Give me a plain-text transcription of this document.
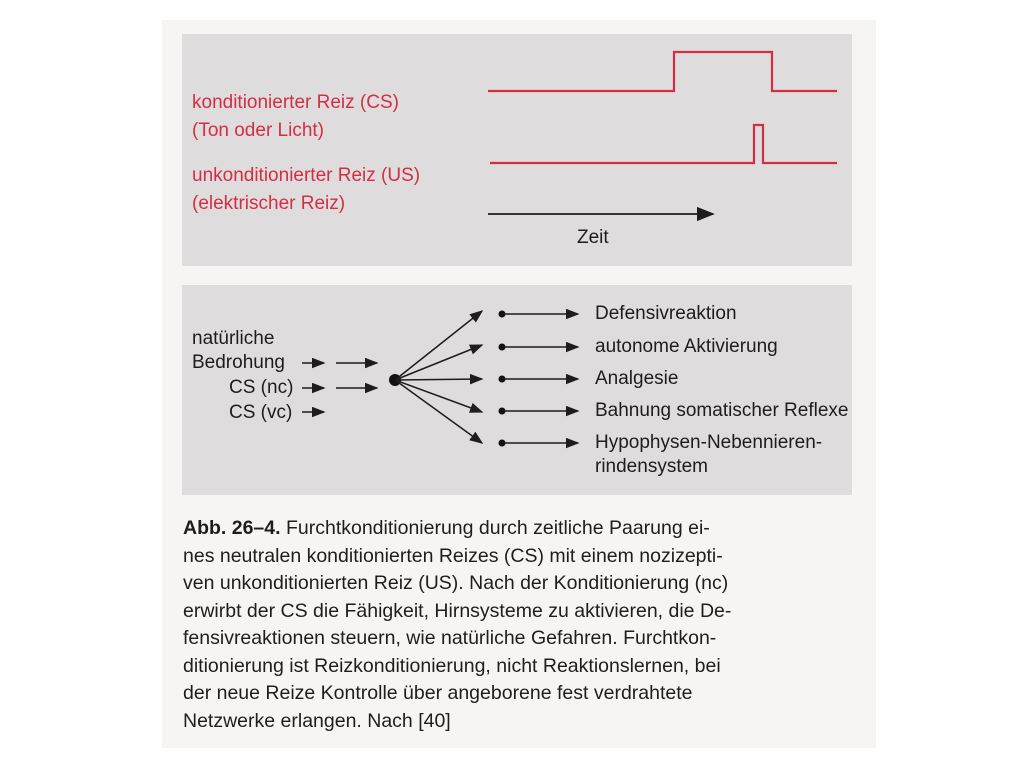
konditionierter Reiz (CS)
(Ton oder Licht)
unkonditionierter Reiz (US)
(elektrischer Reiz)
Zeit
natürliche
Bedrohung
CS (nc)
CS (vc)
Defensivreaktion
autonome Aktivierung
Analgesie
Bahnung somatischer Reflexe
Hypophysen-Nebennieren-
rindensystem
Abb. 26–4. Furchtkonditionierung durch zeitliche Paarung ei-
nes neutralen konditionierten Reizes (CS) mit einem nozizepti-
ven unkonditionierten Reiz (US). Nach der Konditionierung (nc)
erwirbt der CS die Fähigkeit, Hirnsysteme zu aktivieren, die De-
fensivreaktionen steuern, wie natürliche Gefahren. Furchtkon-
ditionierung ist Reizkonditionierung, nicht Reaktionslernen, bei
der neue Reize Kontrolle über angeborene fest verdrahtete
Netzwerke erlangen. Nach [40]
